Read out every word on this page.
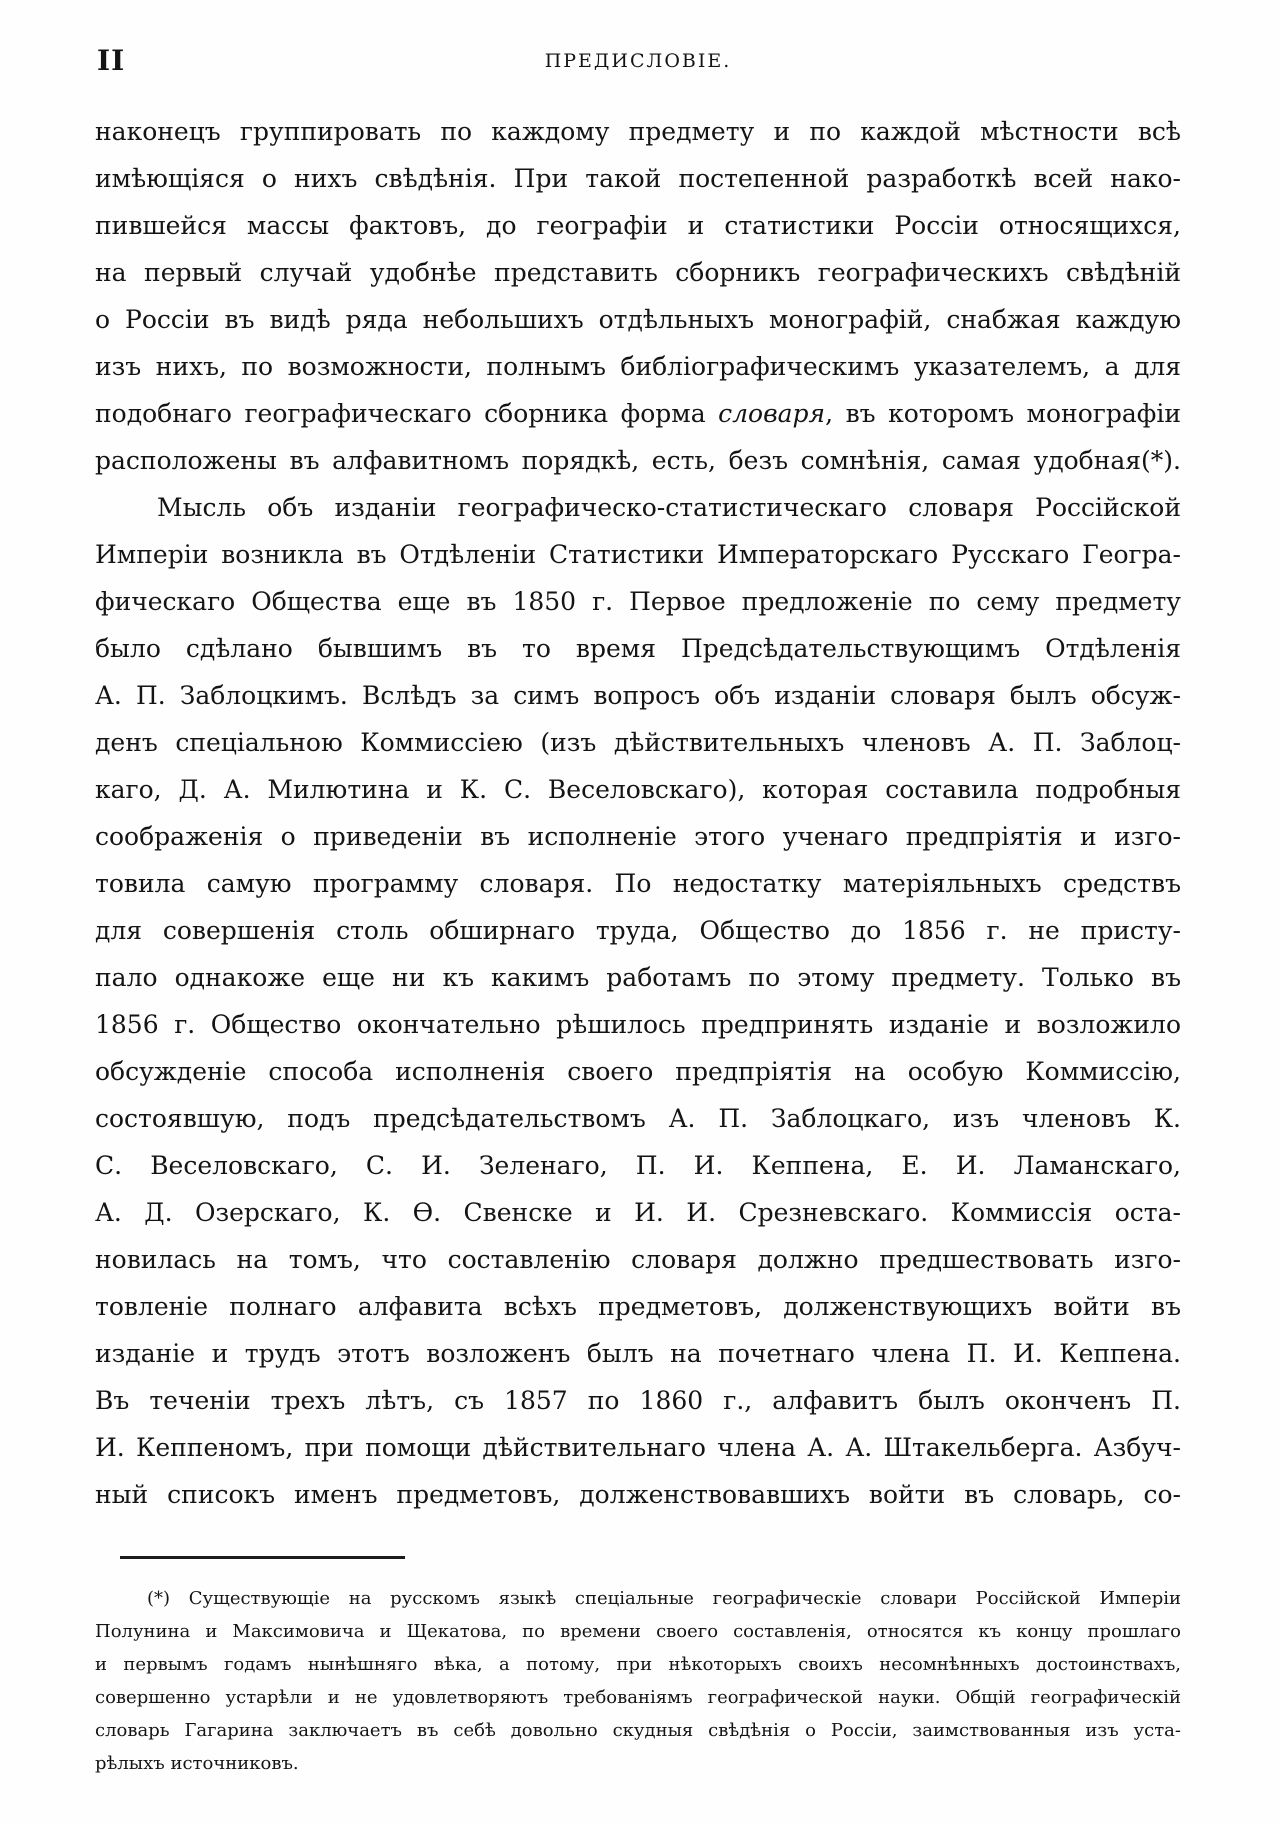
II	ПРЕДИСЛОВІЕ.
наконецъ группировать по каждому предмету и по каждой мѣстности всѣ
имѣющіяся о нихъ свѣдѣнія. При такой постепенной разработкѣ всей нако-
пившейся массы фактовъ, до географіи и статистики Россіи относящихся,
на первый случай удобнѣе представить сборникъ географическихъ свѣдѣній
о Россіи въ видѣ ряда небольшихъ отдѣльныхъ монографій, снабжая каждую
изъ нихъ, по возможности, полнымъ библіографическимъ указателемъ, а для
подобнаго географическаго сборника форма словаря, въ которомъ монографіи
расположены въ алфавитномъ порядкѣ, есть, безъ сомнѣнія, самая удобная(*).
Мысль объ изданіи географическо-статистическаго словаря Россійской
Имперіи возникла въ Отдѣленіи Статистики Императорскаго Русскаго Геогра-
фическаго Общества еще въ 1850 г. Первое предложеніе по сему предмету
было сдѣлано бывшимъ въ то время Предсѣдательствующимъ Отдѣленія
А. П. Заблоцкимъ. Вслѣдъ за симъ вопросъ объ изданіи словаря былъ обсуж-
денъ спеціальною Коммиссіею (изъ дѣйствительныхъ членовъ А. П. Заблоц-
каго, Д. А. Милютина и К. С. Веселовскаго), которая составила подробныя
соображенія о приведеніи въ исполненіе этого ученаго предпріятія и изго-
товила самую программу словаря. По недостатку матеріяльныхъ средствъ
для совершенія столь обширнаго труда, Общество до 1856 г. не присту-
пало однакоже еще ни къ какимъ работамъ по этому предмету. Только въ
1856 г. Общество окончательно рѣшилось предпринять изданіе и возложило
обсужденіе способа исполненія своего предпріятія на особую Коммиссію,
состоявшую, подъ предсѣдательствомъ А. П. Заблоцкаго, изъ членовъ К.
С. Веселовскаго, С. И. Зеленаго, П. И. Кеппена, Е. И. Ламанскаго,
А. Д. Озерскаго, К. Ѳ. Свенске и И. И. Срезневскаго. Коммиссія оста-
новилась на томъ, что составленію словаря должно предшествовать изго-
товленіе полнаго алфавита всѣхъ предметовъ, долженствующихъ войти въ
изданіе и трудъ этотъ возложенъ былъ на почетнаго члена П. И. Кеппена.
Въ теченіи трехъ лѣтъ, съ 1857 по 1860 г., алфавитъ былъ оконченъ П.
И. Кеппеномъ, при помощи дѣйствительнаго члена А. А. Штакельберга. Азбуч-
ный списокъ именъ предметовъ, долженствовавшихъ войти въ словарь, со-
(*) Существующіе на русскомъ языкѣ спеціальные географическіе словари Россійской Имперіи
Полунина и Максимовича и Щекатова, по времени своего составленія, относятся къ концу прошлаго
и первымъ годамъ нынѣшняго вѣка, а потому, при нѣкоторыхъ своихъ несомнѣнныхъ достоинствахъ,
совершенно устарѣли и не удовлетворяютъ требованіямъ географической науки. Общій географическій
словарь Гагарина заключаетъ въ себѣ довольно скудныя свѣдѣнія о Россіи, заимствованныя изъ уста-
рѣлыхъ источниковъ.
